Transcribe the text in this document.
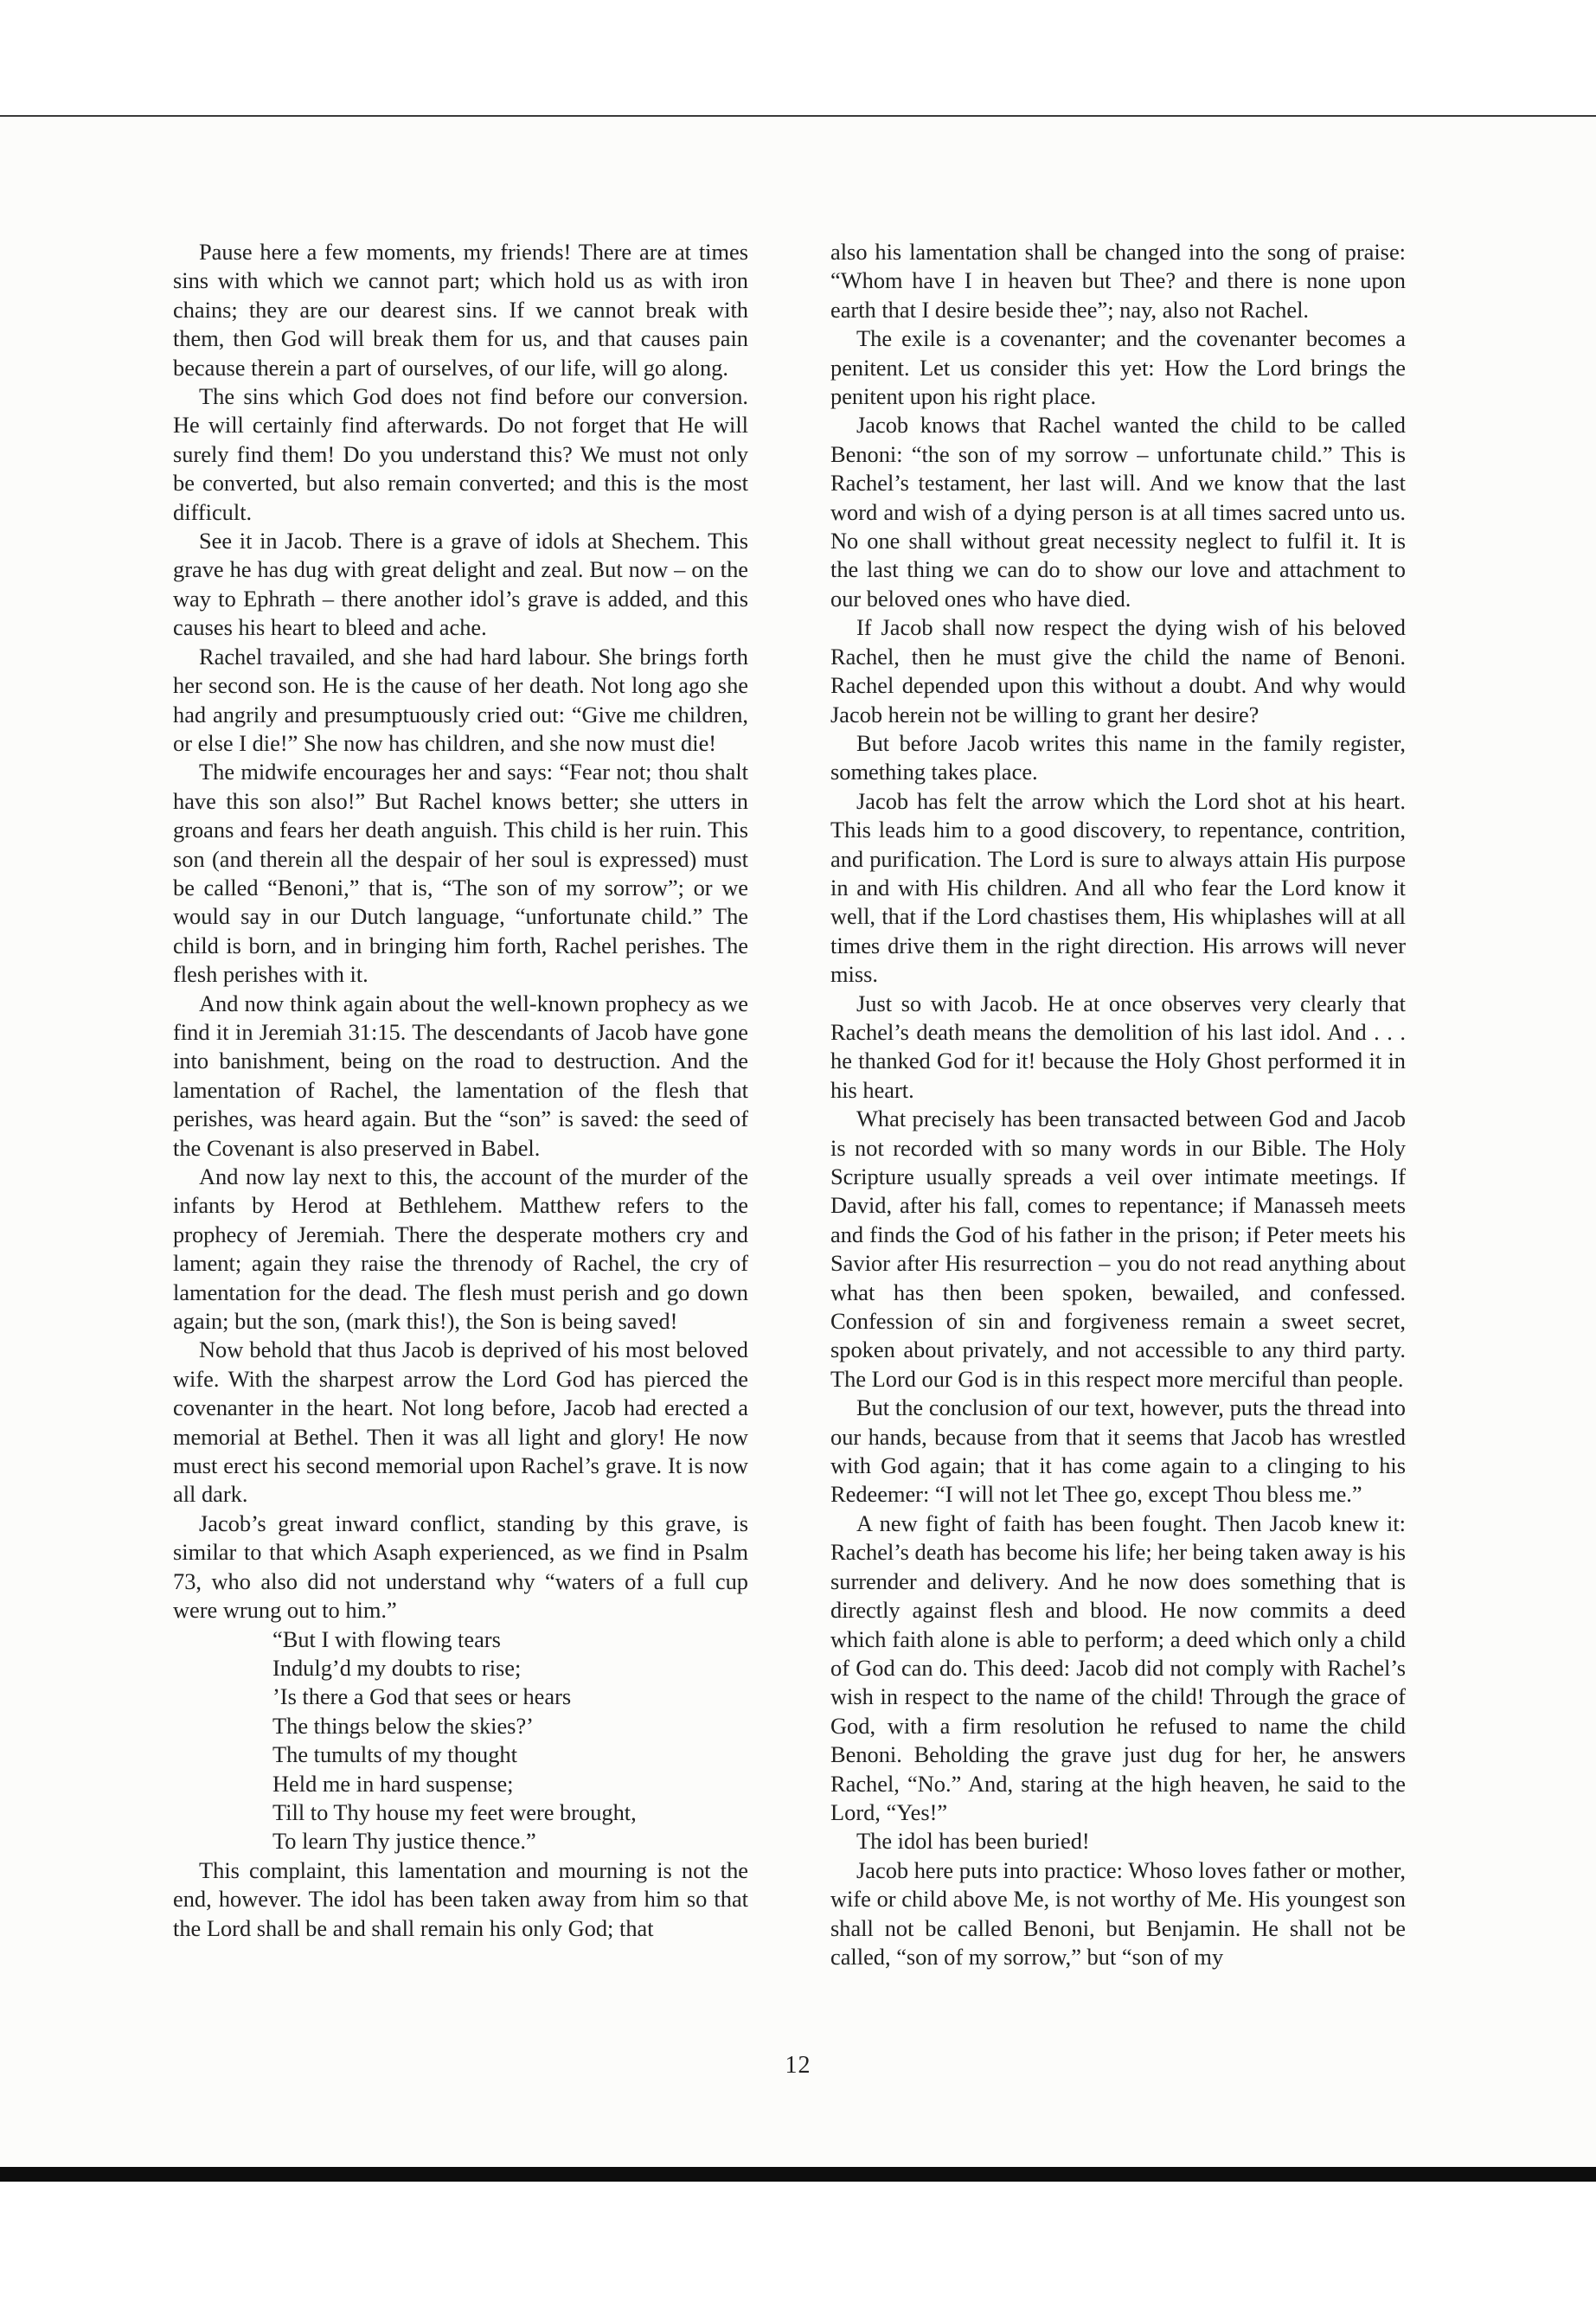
Pause here a few moments, my friends! There are at times sins with which we cannot part; which hold us as with iron chains; they are our dearest sins. If we cannot break with them, then God will break them for us, and that causes pain because therein a part of ourselves, of our life, will go along.

The sins which God does not find before our conversion. He will certainly find afterwards. Do not forget that He will surely find them! Do you understand this? We must not only be converted, but also remain converted; and this is the most difficult.

See it in Jacob. There is a grave of idols at Shechem. This grave he has dug with great delight and zeal. But now – on the way to Ephrath – there another idol’s grave is added, and this causes his heart to bleed and ache.

Rachel travailed, and she had hard labour. She brings forth her second son. He is the cause of her death. Not long ago she had angrily and presumptuously cried out: “Give me children, or else I die!” She now has children, and she now must die!

The midwife encourages her and says: “Fear not; thou shalt have this son also!” But Rachel knows better; she utters in groans and fears her death anguish. This child is her ruin. This son (and therein all the despair of her soul is expressed) must be called “Benoni,” that is, “The son of my sorrow”; or we would say in our Dutch language, “unfortunate child.” The child is born, and in bringing him forth, Rachel perishes. The flesh perishes with it.

And now think again about the well-known prophecy as we find it in Jeremiah 31:15. The descendants of Jacob have gone into banishment, being on the road to destruction. And the lamentation of Rachel, the lamentation of the flesh that perishes, was heard again. But the “son” is saved: the seed of the Covenant is also preserved in Babel.

And now lay next to this, the account of the murder of the infants by Herod at Bethlehem. Matthew refers to the prophecy of Jeremiah. There the desperate mothers cry and lament; again they raise the threnody of Rachel, the cry of lamentation for the dead. The flesh must perish and go down again; but the son, (mark this!), the Son is being saved!

Now behold that thus Jacob is deprived of his most beloved wife. With the sharpest arrow the Lord God has pierced the covenanter in the heart. Not long before, Jacob had erected a memorial at Bethel. Then it was all light and glory! He now must erect his second memorial upon Rachel’s grave. It is now all dark.

Jacob’s great inward conflict, standing by this grave, is similar to that which Asaph experienced, as we find in Psalm 73, who also did not understand why “waters of a full cup were wrung out to him.”

“But I with flowing tears
Indulg’d my doubts to rise;
’Is there a God that sees or hears
The things below the skies?’
The tumults of my thought
Held me in hard suspense;
Till to Thy house my feet were brought,
To learn Thy justice thence.”

This complaint, this lamentation and mourning is not the end, however. The idol has been taken away from him so that the Lord shall be and shall remain his only God; that

also his lamentation shall be changed into the song of praise: “Whom have I in heaven but Thee? and there is none upon earth that I desire beside thee”; nay, also not Rachel.

The exile is a covenanter; and the covenanter becomes a penitent. Let us consider this yet: How the Lord brings the penitent upon his right place.

Jacob knows that Rachel wanted the child to be called Benoni: “the son of my sorrow – unfortunate child.” This is Rachel’s testament, her last will. And we know that the last word and wish of a dying person is at all times sacred unto us. No one shall without great necessity neglect to fulfil it. It is the last thing we can do to show our love and attachment to our beloved ones who have died.

If Jacob shall now respect the dying wish of his beloved Rachel, then he must give the child the name of Benoni. Rachel depended upon this without a doubt. And why would Jacob herein not be willing to grant her desire?

But before Jacob writes this name in the family register, something takes place.

Jacob has felt the arrow which the Lord shot at his heart. This leads him to a good discovery, to repentance, contrition, and purification. The Lord is sure to always attain His purpose in and with His children. And all who fear the Lord know it well, that if the Lord chastises them, His whiplashes will at all times drive them in the right direction. His arrows will never miss.

Just so with Jacob. He at once observes very clearly that Rachel’s death means the demolition of his last idol. And . . . he thanked God for it! because the Holy Ghost performed it in his heart.

What precisely has been transacted between God and Jacob is not recorded with so many words in our Bible. The Holy Scripture usually spreads a veil over intimate meetings. If David, after his fall, comes to repentance; if Manasseh meets and finds the God of his father in the prison; if Peter meets his Savior after His resurrection – you do not read anything about what has then been spoken, bewailed, and confessed. Confession of sin and forgiveness remain a sweet secret, spoken about privately, and not accessible to any third party. The Lord our God is in this respect more merciful than people.

But the conclusion of our text, however, puts the thread into our hands, because from that it seems that Jacob has wrestled with God again; that it has come again to a clinging to his Redeemer: “I will not let Thee go, except Thou bless me.”

A new fight of faith has been fought. Then Jacob knew it: Rachel’s death has become his life; her being taken away is his surrender and delivery. And he now does something that is directly against flesh and blood. He now commits a deed which faith alone is able to perform; a deed which only a child of God can do. This deed: Jacob did not comply with Rachel’s wish in respect to the name of the child! Through the grace of God, with a firm resolution he refused to name the child Benoni. Beholding the grave just dug for her, he answers Rachel, “No.” And, staring at the high heaven, he said to the Lord, “Yes!”

The idol has been buried!

Jacob here puts into practice: Whoso loves father or mother, wife or child above Me, is not worthy of Me. His youngest son shall not be called Benoni, but Benjamin. He shall not be called, “son of my sorrow,” but “son of my

12
